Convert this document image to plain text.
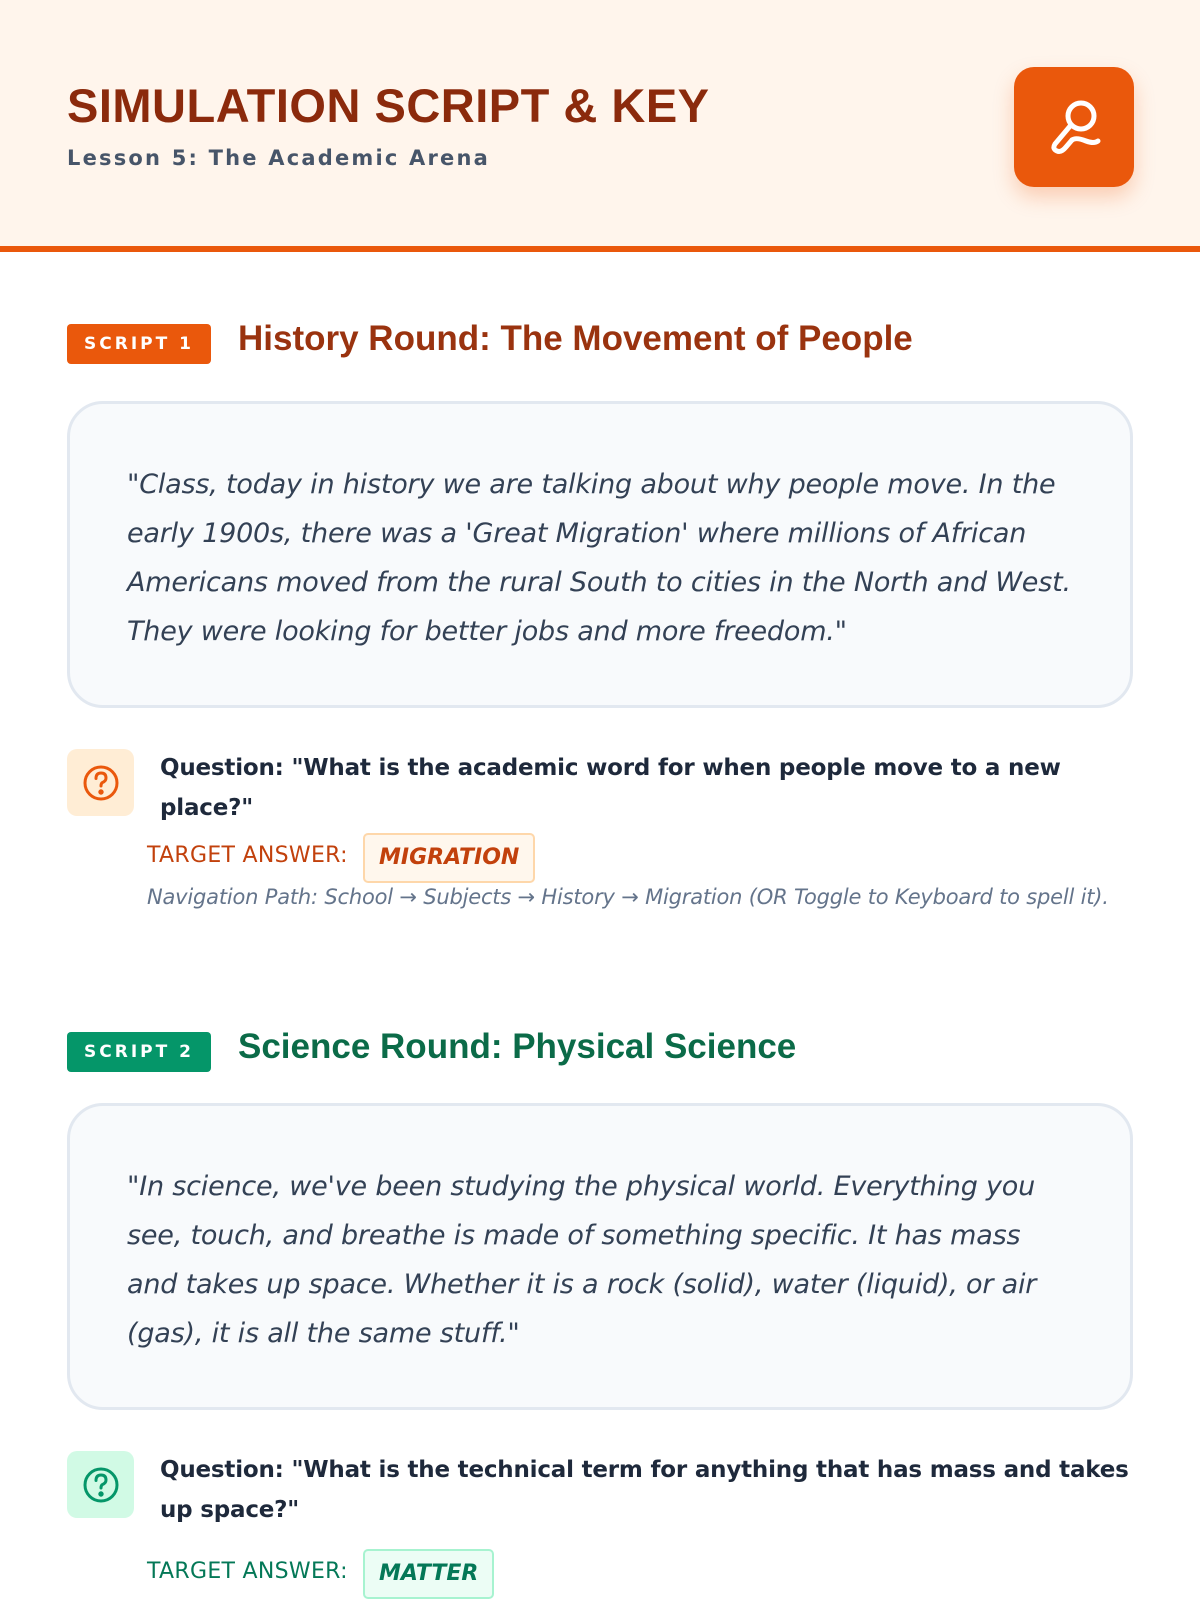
SIMULATION SCRIPT & KEY
Lesson 5: The Academic Arena
SCRIPT 1	History Round: The Movement of People
"Class, today in history we are talking about why people move. In the early 1900s, there was a 'Great Migration' where millions of African Americans moved from the rural South to cities in the North and West. They were looking for better jobs and more freedom."
Question: "What is the academic word for when people move to a new place?"
TARGET ANSWER:	MIGRATION
Navigation Path: School → Subjects → History → Migration (OR Toggle to Keyboard to spell it).
SCRIPT 2	Science Round: Physical Science
"In science, we've been studying the physical world. Everything you see, touch, and breathe is made of something specific. It has mass and takes up space. Whether it is a rock (solid), water (liquid), or air (gas), it is all the same stuff."
Question: "What is the technical term for anything that has mass and takes up space?"
TARGET ANSWER:	MATTER
